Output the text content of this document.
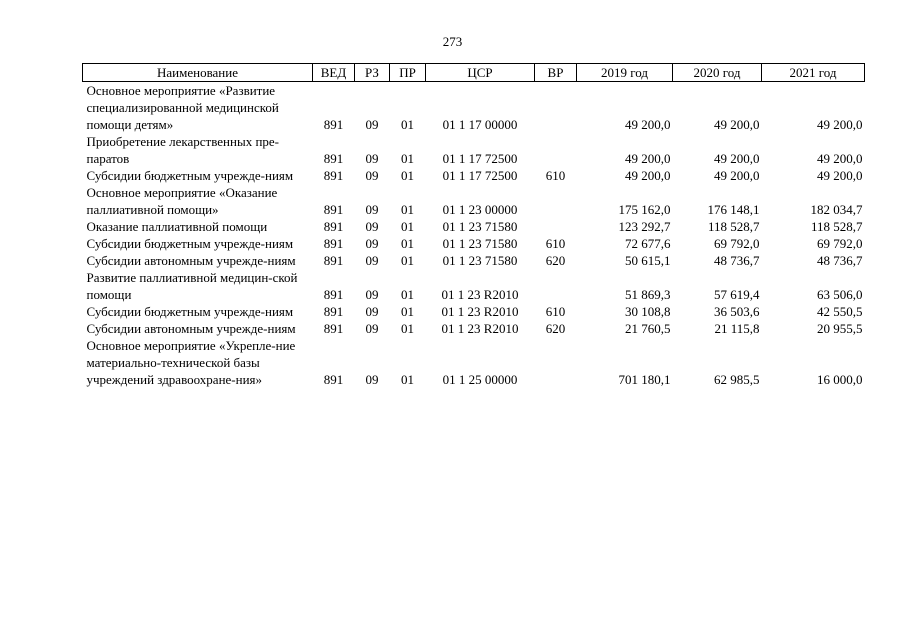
273
Наименование	ВЕД	РЗ	ПР	ЦСР	ВР	2019 год	2020 год	2021 год
Основное мероприятие «Развитие специализированной медицинской помощи детям»	891	09	01	01 1 17 00000		49 200,0	49 200,0	49 200,0
Приобретение лекарственных пре-паратов	891	09	01	01 1 17 72500		49 200,0	49 200,0	49 200,0
Субсидии бюджетным учрежде-ниям	891	09	01	01 1 17 72500	610	49 200,0	49 200,0	49 200,0
Основное мероприятие «Оказание паллиативной помощи»	891	09	01	01 1 23 00000		175 162,0	176 148,1	182 034,7
Оказание паллиативной помощи	891	09	01	01 1 23 71580		123 292,7	118 528,7	118 528,7
Субсидии бюджетным учрежде-ниям	891	09	01	01 1 23 71580	610	72 677,6	69 792,0	69 792,0
Субсидии автономным учрежде-ниям	891	09	01	01 1 23 71580	620	50 615,1	48 736,7	48 736,7
Развитие паллиативной медицин-ской помощи	891	09	01	01 1 23 R2010		51 869,3	57 619,4	63 506,0
Субсидии бюджетным учрежде-ниям	891	09	01	01 1 23 R2010	610	30 108,8	36 503,6	42 550,5
Субсидии автономным учрежде-ниям	891	09	01	01 1 23 R2010	620	21 760,5	21 115,8	20 955,5
Основное мероприятие «Укрепле-ние материально-технической базы учреждений здравоохране-ния»	891	09	01	01 1 25 00000		701 180,1	62 985,5	16 000,0
